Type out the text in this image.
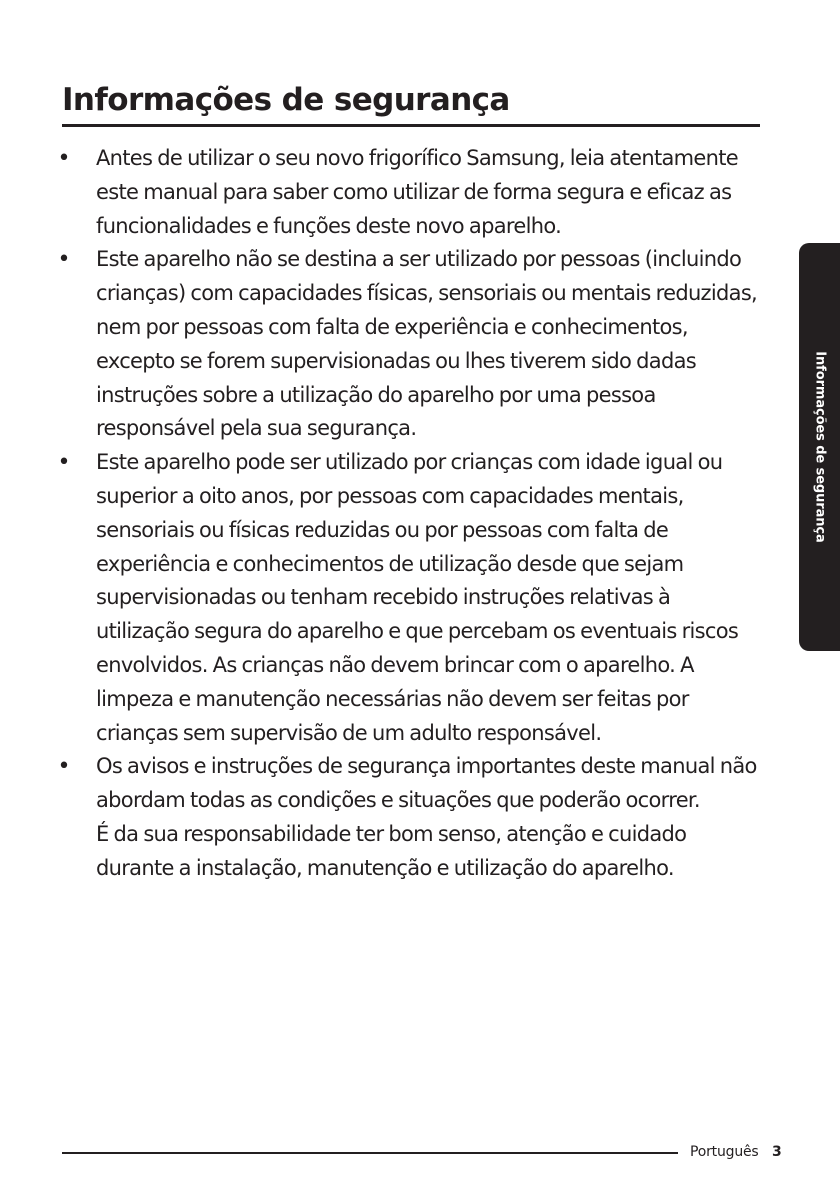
Informações de segurança
• Antes de utilizar o seu novo frigorífico Samsung, leia atentamente este manual para saber como utilizar de forma segura e eficaz as funcionalidades e funções deste novo aparelho.

• Este aparelho não se destina a ser utilizado por pessoas (incluindo crianças) com capacidades físicas, sensoriais ou mentais reduzidas, nem por pessoas com falta de experiência e conhecimentos, excepto se forem supervisionadas ou lhes tiverem sido dadas instruções sobre a utilização do aparelho por uma pessoa responsável pela sua segurança.

• Este aparelho pode ser utilizado por crianças com idade igual ou superior a oito anos, por pessoas com capacidades mentais, sensoriais ou físicas reduzidas ou por pessoas com falta de experiência e conhecimentos de utilização desde que sejam supervisionadas ou tenham recebido instruções relativas à utilização segura do aparelho e que percebam os eventuais riscos envolvidos. As crianças não devem brincar com o aparelho. A limpeza e manutenção necessárias não devem ser feitas por crianças sem supervisão de um adulto responsável.

• Os avisos e instruções de segurança importantes deste manual não abordam todas as condições e situações que poderão ocorrer.

É da sua responsabilidade ter bom senso, atenção e cuidado durante a instalação, manutenção e utilização do aparelho.

Informações de segurança
Português 3
